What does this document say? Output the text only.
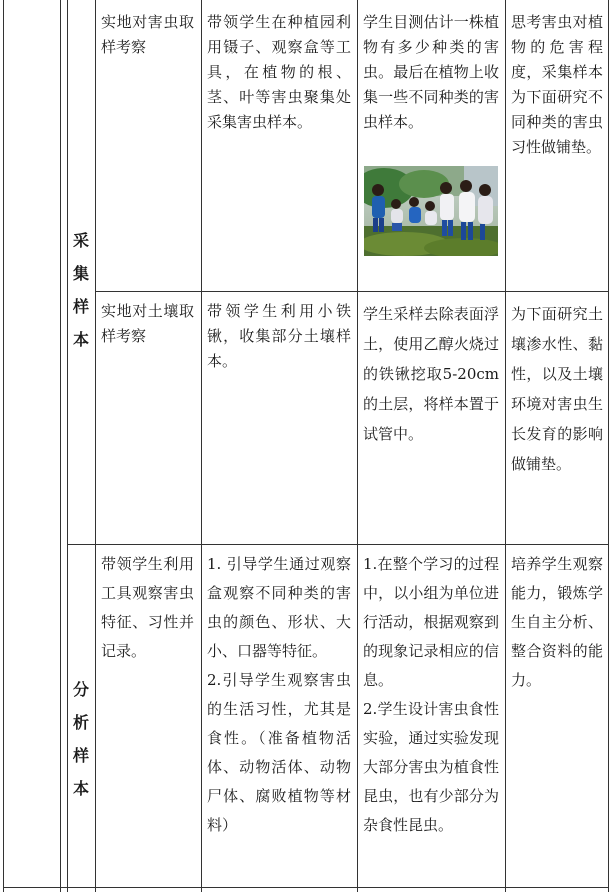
采
集
样
本

实地对害虫取样考察

带领学生在种植园利用镊子、观察盒等工具，在植物的根、茎、叶等害虫聚集处采集害虫样本。

学生目测估计一株植物有多少种类的害虫。最后在植物上收集一些不同种类的害虫样本。

思考害虫对植物的危害程度，采集样本为下面研究不同种类的害虫习性做铺垫。

实地对土壤取样考察

带领学生利用小铁锹，收集部分土壤样本。

学生采样去除表面浮土，使用乙醇火烧过的铁锹挖取5-20cm的土层，将样本置于试管中。

为下面研究土壤渗水性、黏性，以及土壤环境对害虫生长发育的影响做铺垫。

分
析
样
本

带领学生利用工具观察害虫特征、习性并记录。

1. 引导学生通过观察盒观察不同种类的害虫的颜色、形状、大小、口器等特征。

2.引导学生观察害虫的生活习性，尤其是食性。（准备植物活体、动物活体、动物尸体、腐败植物等材料）

1.在整个学习的过程中，以小组为单位进行活动，根据观察到的现象记录相应的信息。

2.学生设计害虫食性实验，通过实验发现大部分害虫为植食性昆虫，也有少部分为杂食性昆虫。

培养学生观察能力，锻炼学生自主分析、整合资料的能力。
